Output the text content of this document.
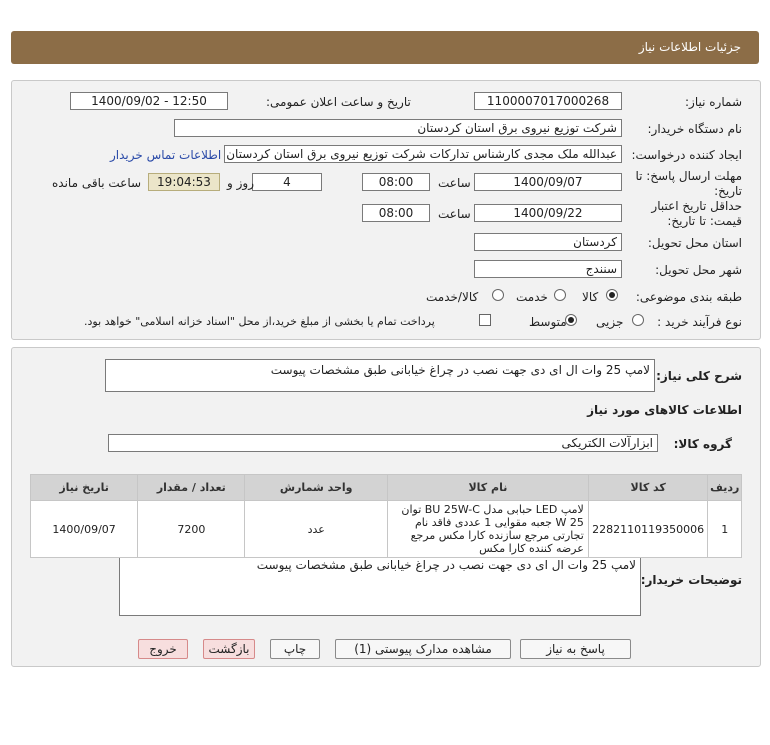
جزئیات اطلاعات نیاز
شماره نیاز:
1100007017000268
تاریخ و ساعت اعلان عمومی:
1400/09/02 - 12:50
نام دستگاه خریدار:
شرکت توزیع نیروی برق استان کردستان
ایجاد کننده درخواست:
عبدالله ملک مجدی کارشناس تدارکات شرکت توزیع نیروی برق استان کردستان
اطلاعات تماس خریدار
مهلت ارسال پاسخ: تا تاریخ:
1400/09/07
ساعت
08:00
4
روز و
19:04:53
ساعت باقی مانده
حداقل تاریخ اعتبار قیمت: تا تاریخ:
1400/09/22
ساعت
08:00
استان محل تحویل:
کردستان
شهر محل تحویل:
سنندج
طبقه بندی موضوعی:
کالا
خدمت
کالا/خدمت
نوع فرآیند خرید :
جزیی
متوسط
پرداخت تمام یا بخشی از مبلغ خرید،از محل "اسناد خزانه اسلامی" خواهد بود.
شرح کلی نیاز:
لامپ 25 وات ال ای دی جهت نصب در چراغ خیابانی طبق مشخصات پیوست
اطلاعات کالاهای مورد نیاز
گروه کالا:
ابزارآلات الکتریکی
توضیحات خریدار:
لامپ 25 وات ال ای دی جهت نصب در چراغ خیابانی طبق مشخصات پیوست
ردیف	کد کالا	نام کالا	واحد شمارش	تعداد / مقدار	تاریخ نیاز
1	2282110119350006	لامپ LED حبابی مدل BU 25W-C توان 25 W جعبه مقوایی 1 عددی فاقد نام تجارتی مرجع سازنده کارا مکس مرجع عرضه کننده کارا مکس	عدد	7200	1400/09/07
پاسخ به نیاز
مشاهده مدارک پیوستی (1)
چاپ
بازگشت
خروج
